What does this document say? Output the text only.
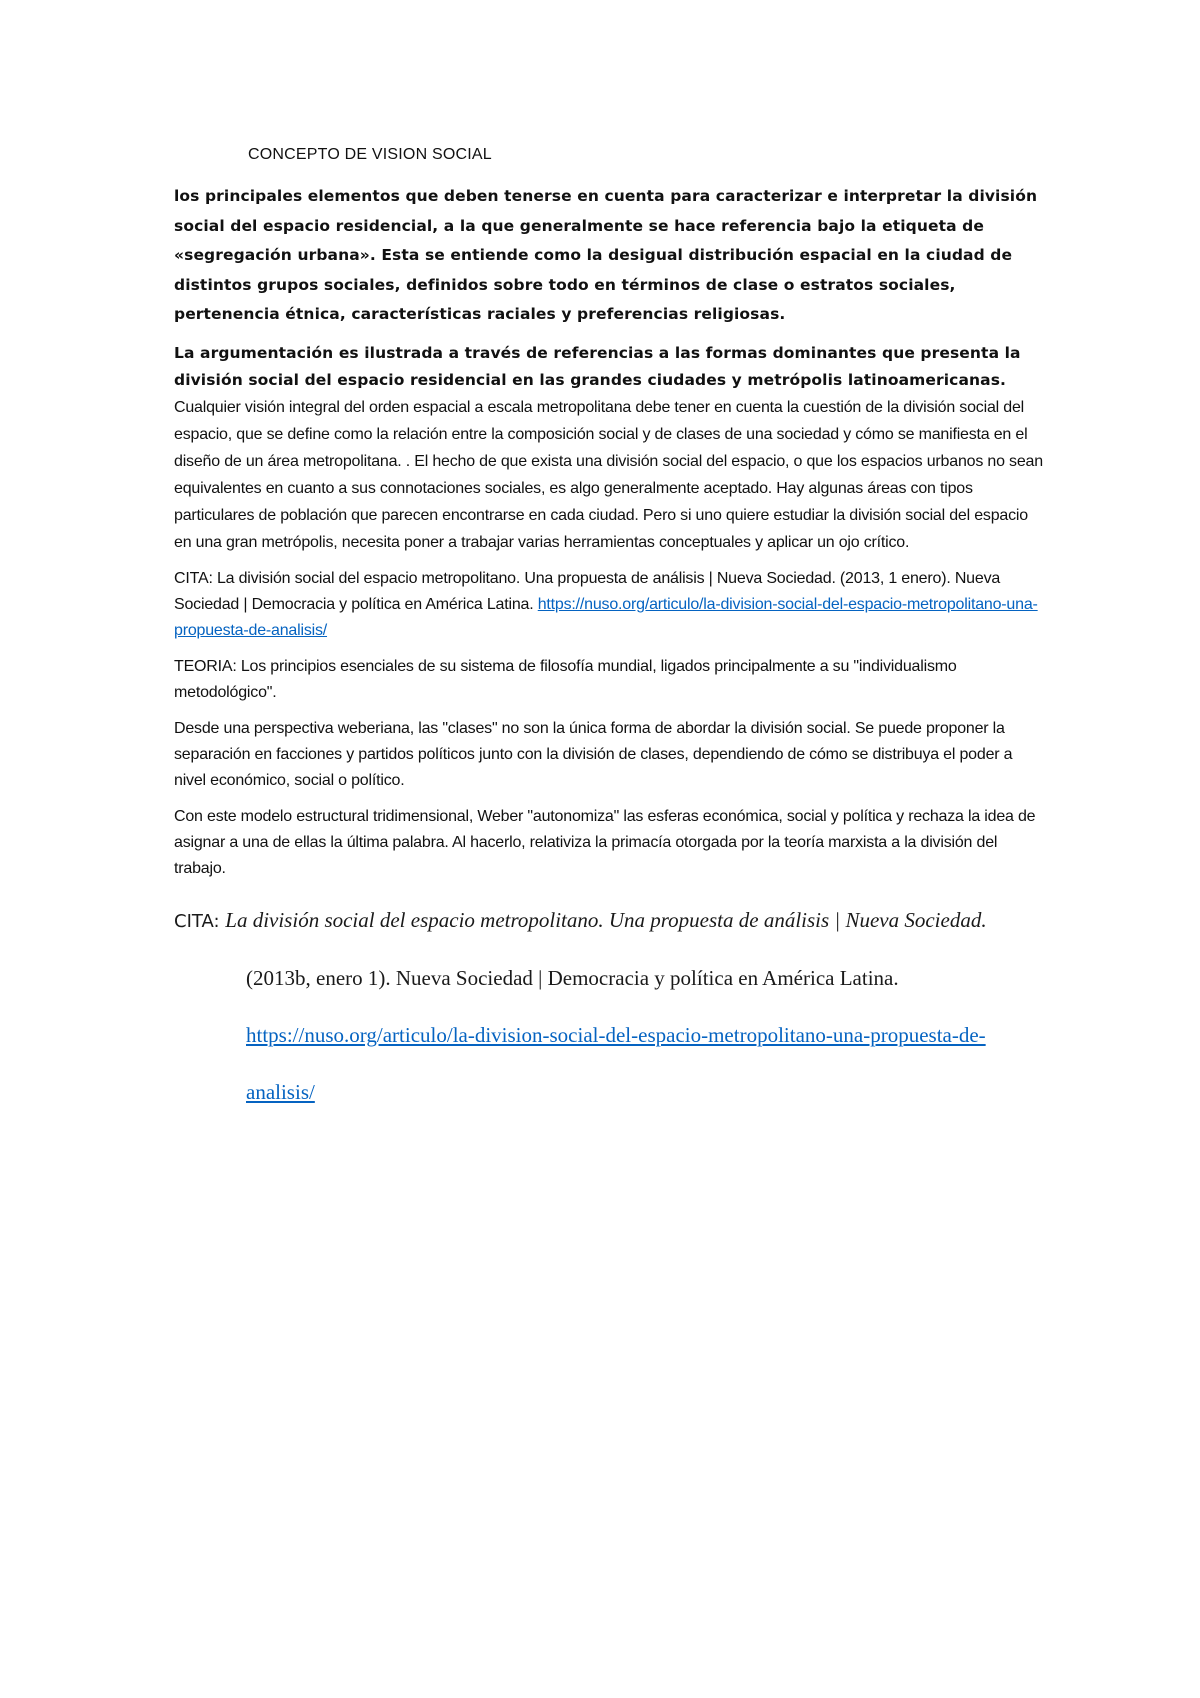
CONCEPTO DE VISION SOCIAL

los principales elementos que deben tenerse en cuenta para caracterizar e interpretar la división social del espacio residencial, a la que generalmente se hace referencia bajo la etiqueta de «segregación urbana». Esta se entiende como la desigual distribución espacial en la ciudad de distintos grupos sociales, definidos sobre todo en términos de clase o estratos sociales, pertenencia étnica, características raciales y preferencias religiosas.

La argumentación es ilustrada a través de referencias a las formas dominantes que presenta la división social del espacio residencial en las grandes ciudades y metrópolis latinoamericanas. Cualquier visión integral del orden espacial a escala metropolitana debe tener en cuenta la cuestión de la división social del espacio, que se define como la relación entre la composición social y de clases de una sociedad y cómo se manifiesta en el diseño de un área metropolitana. . El hecho de que exista una división social del espacio, o que los espacios urbanos no sean equivalentes en cuanto a sus connotaciones sociales, es algo generalmente aceptado. Hay algunas áreas con tipos particulares de población que parecen encontrarse en cada ciudad. Pero si uno quiere estudiar la división social del espacio en una gran metrópolis, necesita poner a trabajar varias herramientas conceptuales y aplicar un ojo crítico.

CITA: La división social del espacio metropolitano. Una propuesta de análisis | Nueva Sociedad. (2013, 1 enero). Nueva Sociedad | Democracia y política en América Latina. https://nuso.org/articulo/la-division-social-del-espacio-metropolitano-una-propuesta-de-analisis/

TEORIA: Los principios esenciales de su sistema de filosofía mundial, ligados principalmente a su "individualismo metodológico".

Desde una perspectiva weberiana, las "clases" no son la única forma de abordar la división social. Se puede proponer la separación en facciones y partidos políticos junto con la división de clases, dependiendo de cómo se distribuya el poder a nivel económico, social o político.

Con este modelo estructural tridimensional, Weber "autonomiza" las esferas económica, social y política y rechaza la idea de asignar a una de ellas la última palabra. Al hacerlo, relativiza la primacía otorgada por la teoría marxista a la división del trabajo.

CITA: La división social del espacio metropolitano. Una propuesta de análisis | Nueva Sociedad. (2013b, enero 1). Nueva Sociedad | Democracia y política en América Latina. https://nuso.org/articulo/la-division-social-del-espacio-metropolitano-una-propuesta-de-analisis/
